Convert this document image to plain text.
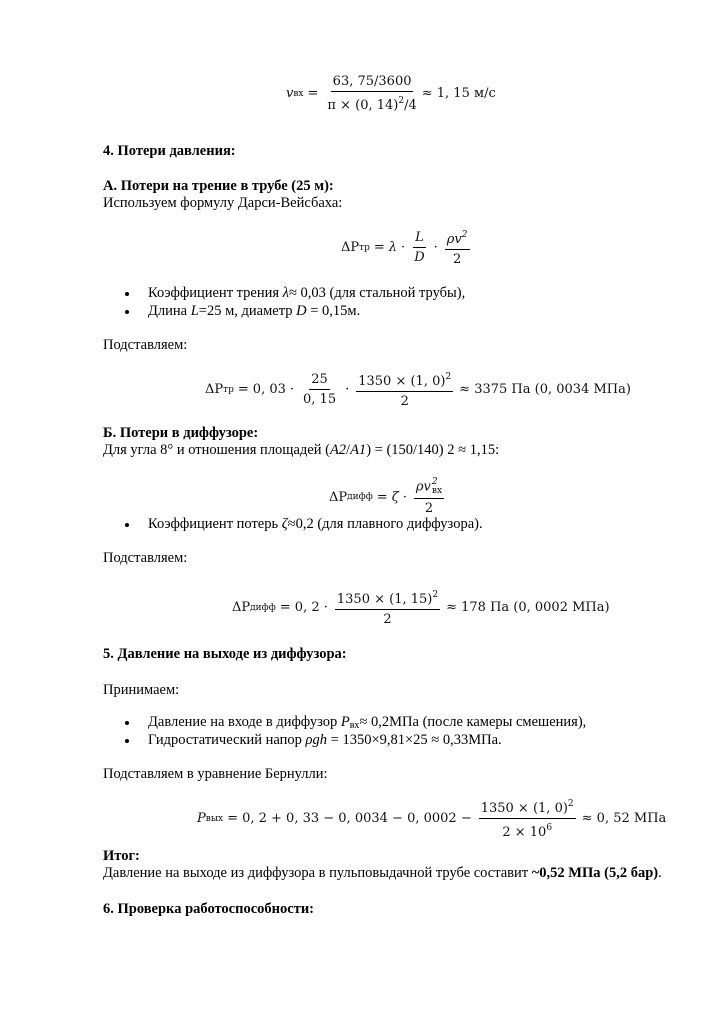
v вх = $\frac{63, 75/3600}{\pi \times (0, 14)^2/4} \approx 1$, 15 м/с
4. Потери давления:
А. Потери на трение в трубе (25 м):
Используем формулу Дарси-Вейсбаха:
ΔP тр = $\lambda \cdot \frac{L}{D} \cdot \frac{\rho v^2}{2}$
Коэффициент трения λ≈ 0,03 (для стальной трубы),
Длина L=25 м, диаметр D = 0,15м.
Подставляем:
ΔP тр = 0, $03 \cdot \frac{25}{0, 15} \cdot \frac{1350 \times (1, 0)^2}{2} \approx 3375$ Па (0, 0034 МПа)
Б. Потери в диффузоре:
Для угла 8° и отношения площадей (A2/A1) = (150/140) 2 ≈ 1,15:
ΔP дифф = ζ · ρv 2
вх
2
Коэффициент потерь ζ≈0,2 (для плавного диффузора).
Подставляем:
ΔP дифф = 0, $2 \cdot \frac{1350 \times (1, 15)^2}{2} \approx 178$ Па (0, 0002 МПа)
5. Давление на выходе из диффузора:
Принимаем:
Давление на входе в диффузор Pвх≈ 0,2МПа (после камеры смешения),
Гидростатический напор ρgh = 1350×9,81×25 ≈ 0,33МПа.
Подставляем в уравнение Бернулли:
P вых = 0, 2 + 0, 33 − 0, 0034 − 0, $0002 - \frac{1350 \times (1, 0)^2}{2 \times 10^6} \approx 0$, 52 МПа
Итог:
Давление на выходе из диффузора в пульповыдачной трубе составит ~0,52 МПа (5,2 бар).
6. Проверка работоспособности:
